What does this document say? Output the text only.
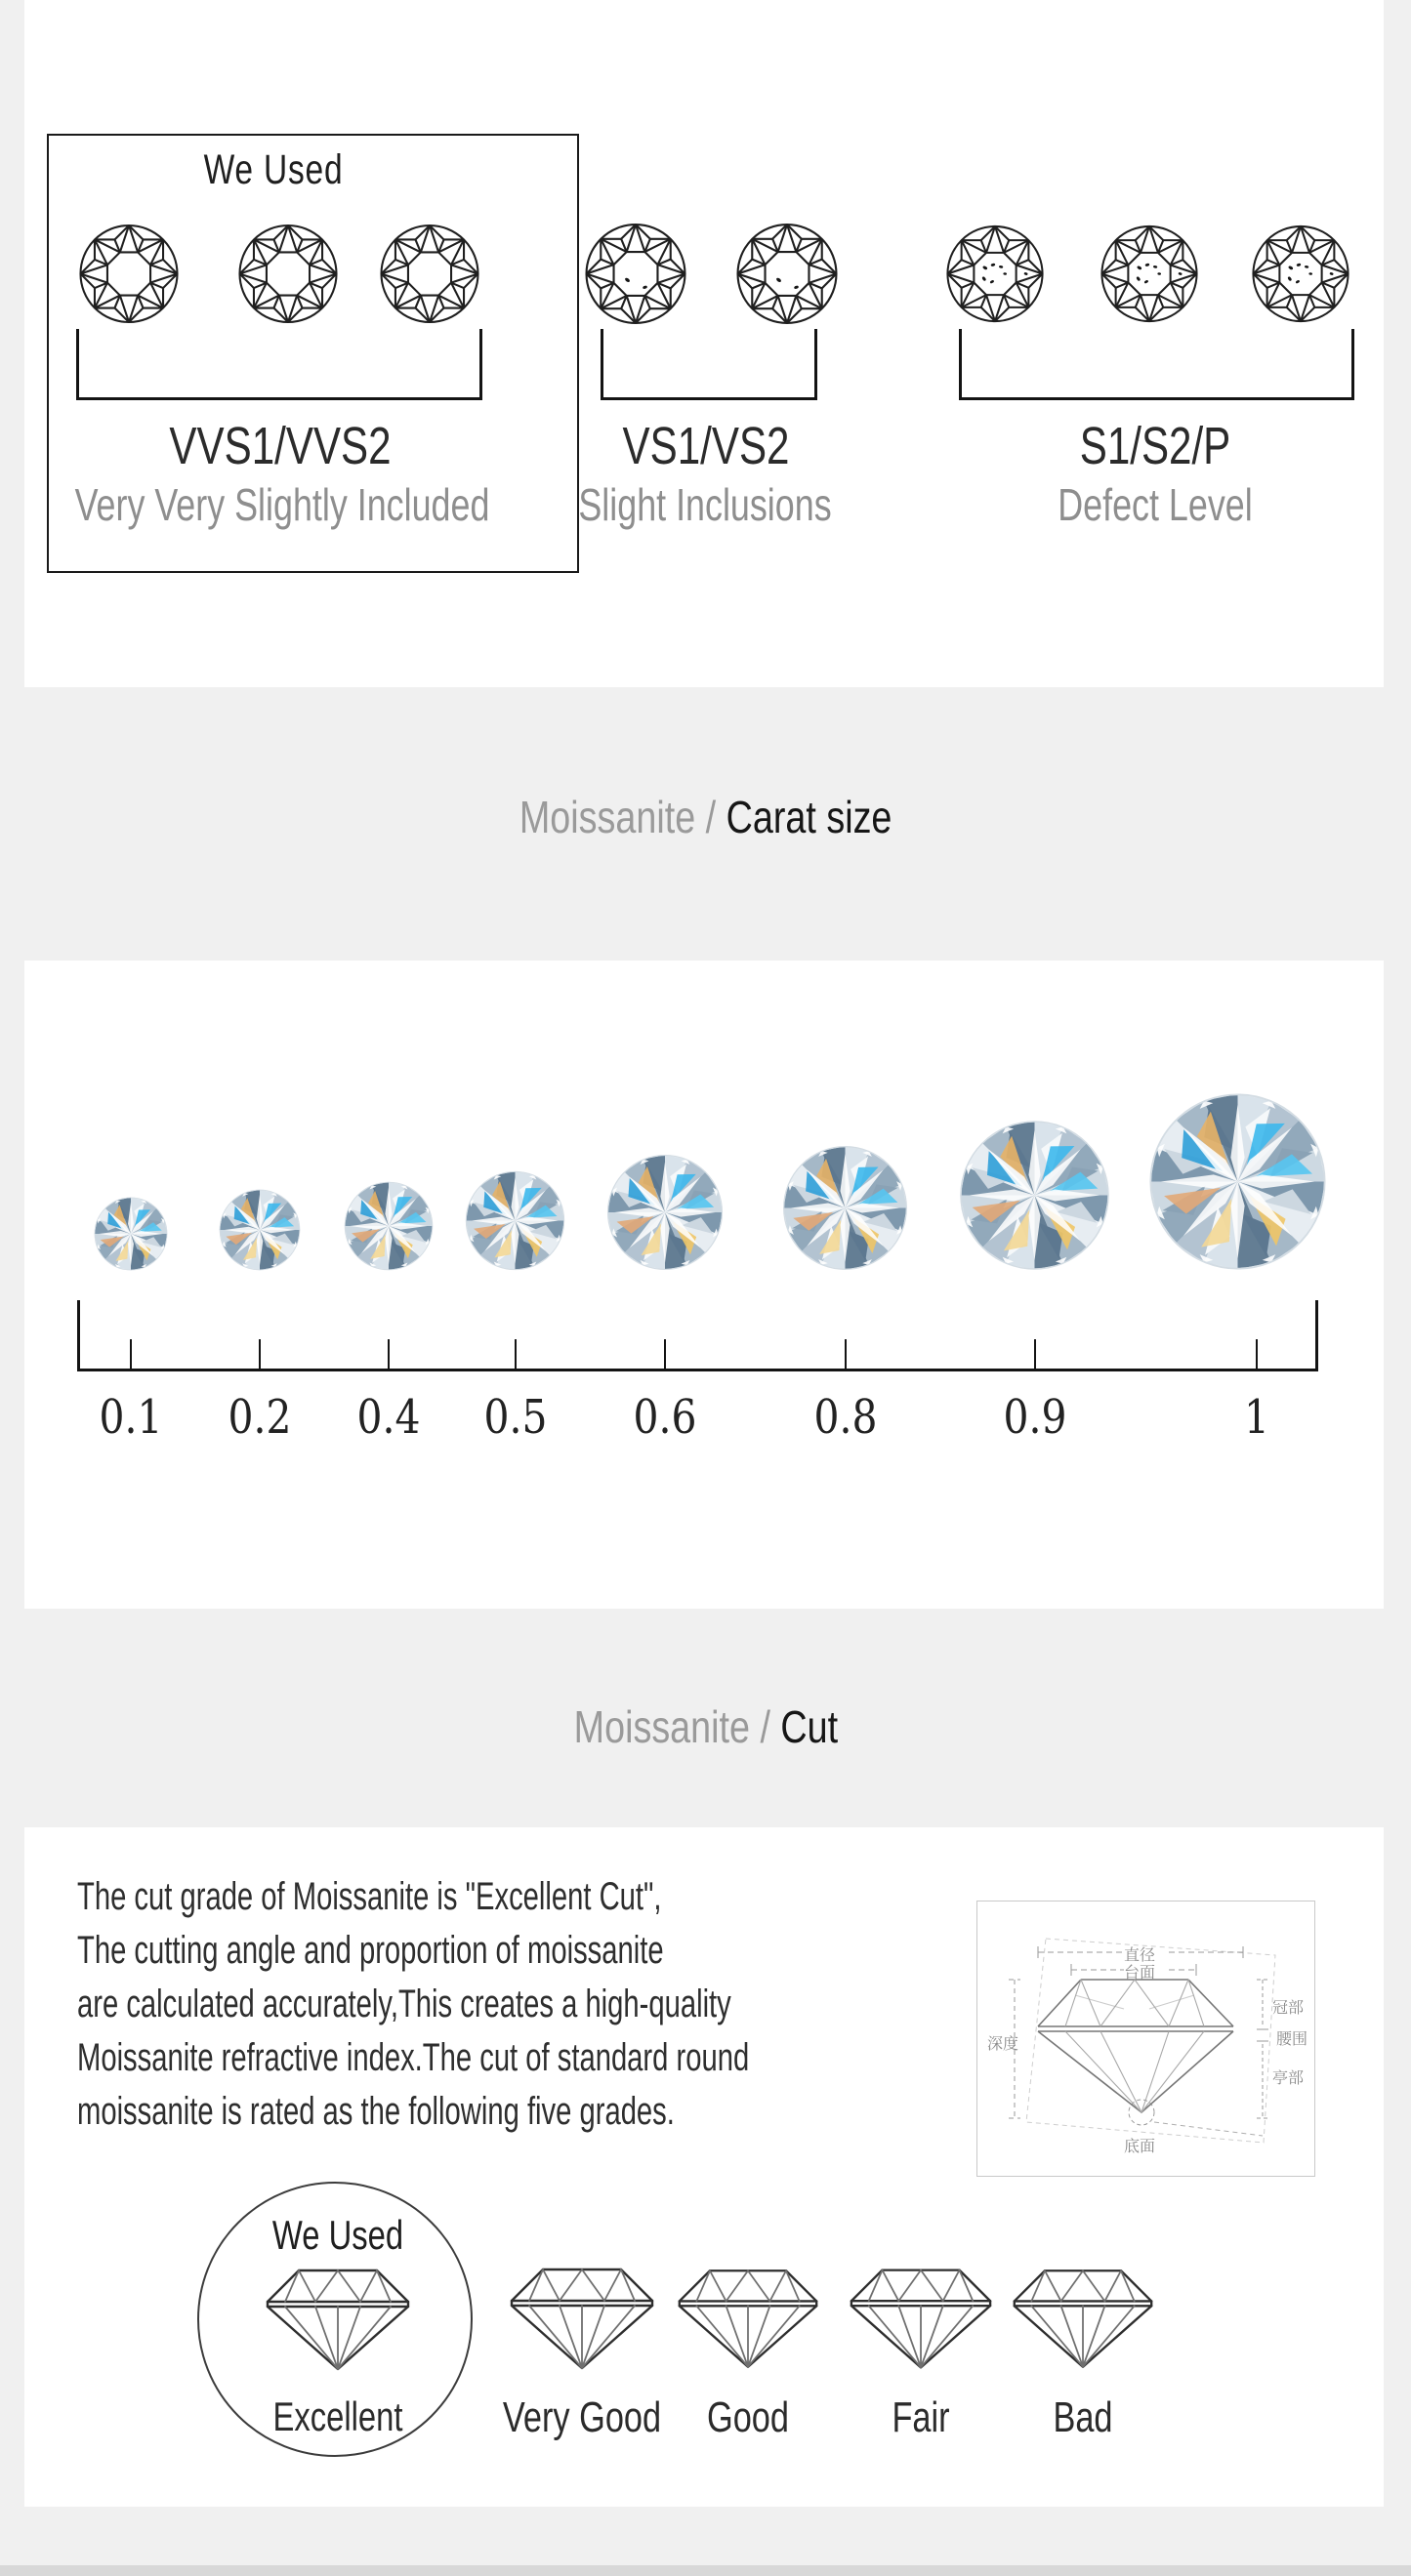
We Used
VVS1/VVS2	VS1/VS2	S1/S2/P
Very Very Slightly Included	Slight Inclusions	Defect Level
Moissanite / Carat size
0.1	0.2	0.4	0.5	0.6	0.8	0.9	1
Moissanite / Cut
The cut grade of Moissanite is "Excellent Cut",
The cutting angle and proportion of moissanite
are calculated accurately,This creates a high-quality
Moissanite refractive index.The cut of standard round
moissanite is rated as the following five grades.
直径
台面
深度
冠部
腰围
亭部
底面
We Used
Excellent	Very Good	Good	Fair	Bad
